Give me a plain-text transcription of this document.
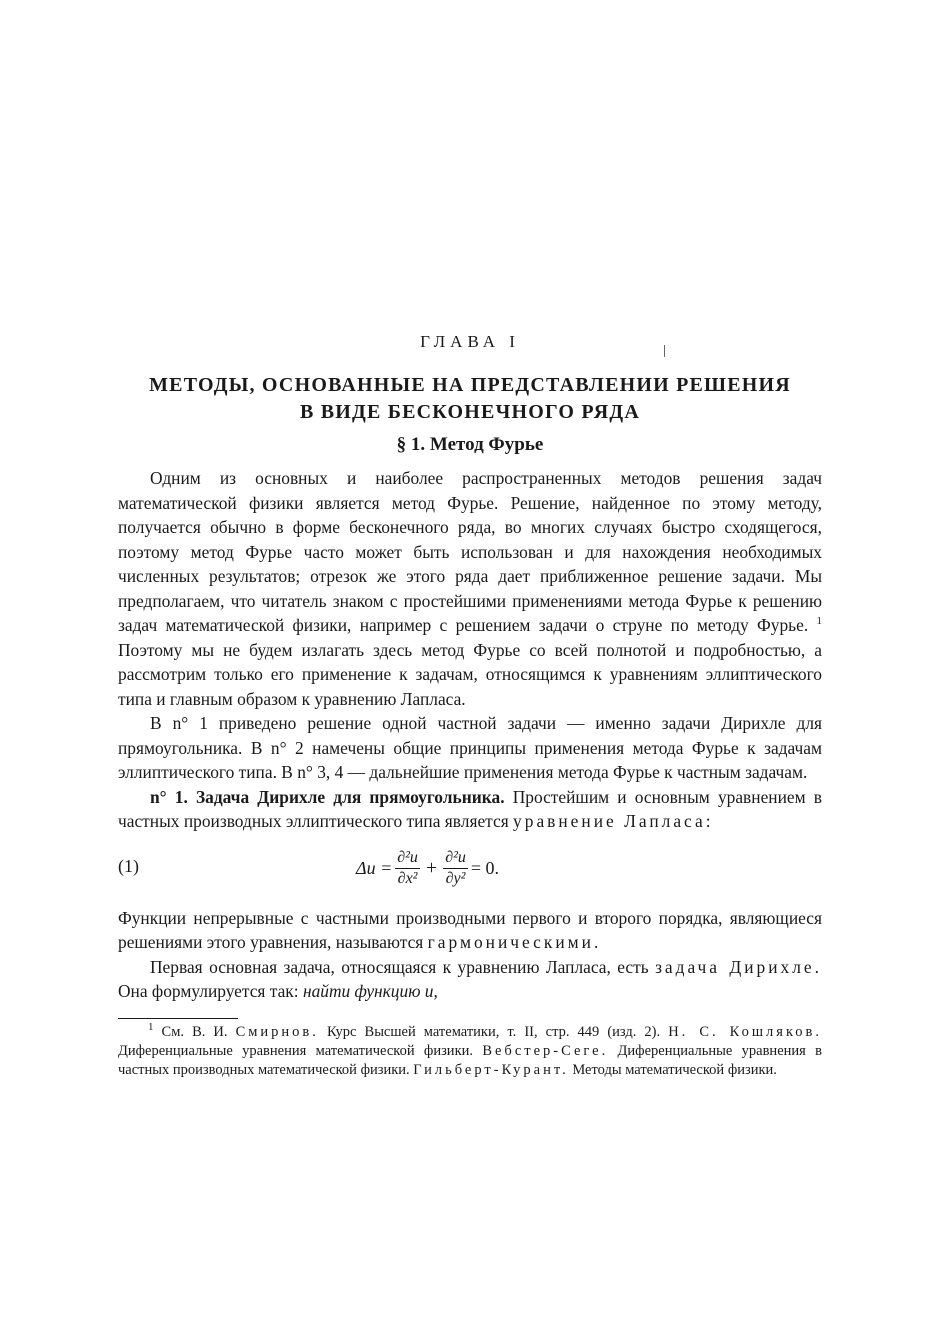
ГЛАВА I
МЕТОДЫ, ОСНОВАННЫЕ НА ПРЕДСТАВЛЕНИИ РЕШЕНИЯ
В ВИДЕ БЕСКОНЕЧНОГО РЯДА
§ 1. Метод Фурье

Одним из основных и наиболее распространенных методов решения задач математической физики является метод Фурье. Решение, найденное по этому методу, получается обычно в форме бесконечного ряда, во многих случаях быстро сходящегося, поэтому метод Фурье часто может быть использован и для нахождения необходимых численных результатов; отрезок же этого ряда дает приближенное решение задачи. Мы предполагаем, что читатель знаком с простейшими применениями метода Фурье к решению задач математической физики, например с решением задачи о струне по методу Фурье. $^1$ Поэтому мы не будем излагать здесь метод Фурье со всей полнотой и подробностью, а рассмотрим только его применение к задачам, относящимся к уравнениям эллиптического типа и главным образом к уравнению Лапласа.

В n° 1 приведено решение одной частной задачи — именно задачи Дирихле для прямоугольника. В n° 2 намечены общие принципы применения метода Фурье к задачам эллиптического типа. В n° 3, 4 — дальнейшие применения метода Фурье к частным задачам.

n° 1. Задача Дирихле для прямоугольника. Простейшим и основным уравнением в частных производных эллиптического типа является уравнение Лапласа:

(1)	$\Delta u = \frac{\text{∂²u}}{\text{∂x²}} + \frac{\text{∂²u}}{\text{∂y²}} = 0$.

Функции непрерывные с частными производными первого и второго порядка, являющиеся решениями этого уравнения, называются гармоническими.

Первая основная задача, относящаяся к уравнению Лапласа, есть задача Дирихле. Она формулируется так: найти функцию u,

$^1$ См. В. И. Смирнов. Курс Высшей математики, т. II, стр. 449 (изд. 2). Н. С. Кошляков. Диференциальные уравнения математической физики. Вебстер-Сеге. Диференциальные уравнения в частных производных математической физики. Гильберт-Курант. Методы математической физики.
